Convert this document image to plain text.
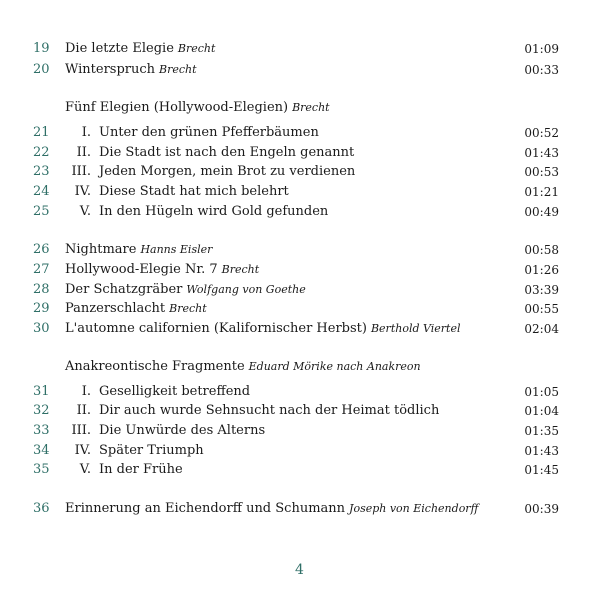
19	Die letzte Elegie Brecht	01:09
20	Winterspruch Brecht	00:33
Fünf Elegien (Hollywood-Elegien) Brecht
21	I. Unter den grünen Pfefferbäumen	00:52
22	II. Die Stadt ist nach den Engeln genannt	01:43
23	III. Jeden Morgen, mein Brot zu verdienen	00:53
24	IV. Diese Stadt hat mich belehrt	01:21
25	V. In den Hügeln wird Gold gefunden	00:49
26	Nightmare Hanns Eisler	00:58
27	Hollywood-Elegie Nr. 7 Brecht	01:26
28	Der Schatzgräber Wolfgang von Goethe	03:39
29	Panzerschlacht Brecht	00:55
30	L'automne californien (Kalifornischer Herbst) Berthold Viertel	02:04
Anakreontische Fragmente Eduard Mörike nach Anakreon
31	I. Geselligkeit betreffend	01:05
32	II. Dir auch wurde Sehnsucht nach der Heimat tödlich	01:04
33	III. Die Unwürde des Alterns	01:35
34	IV. Später Triumph	01:43
35	V. In der Frühe	01:45
36	Erinnerung an Eichendorff und Schumann Joseph von Eichendorff	00:39
4
